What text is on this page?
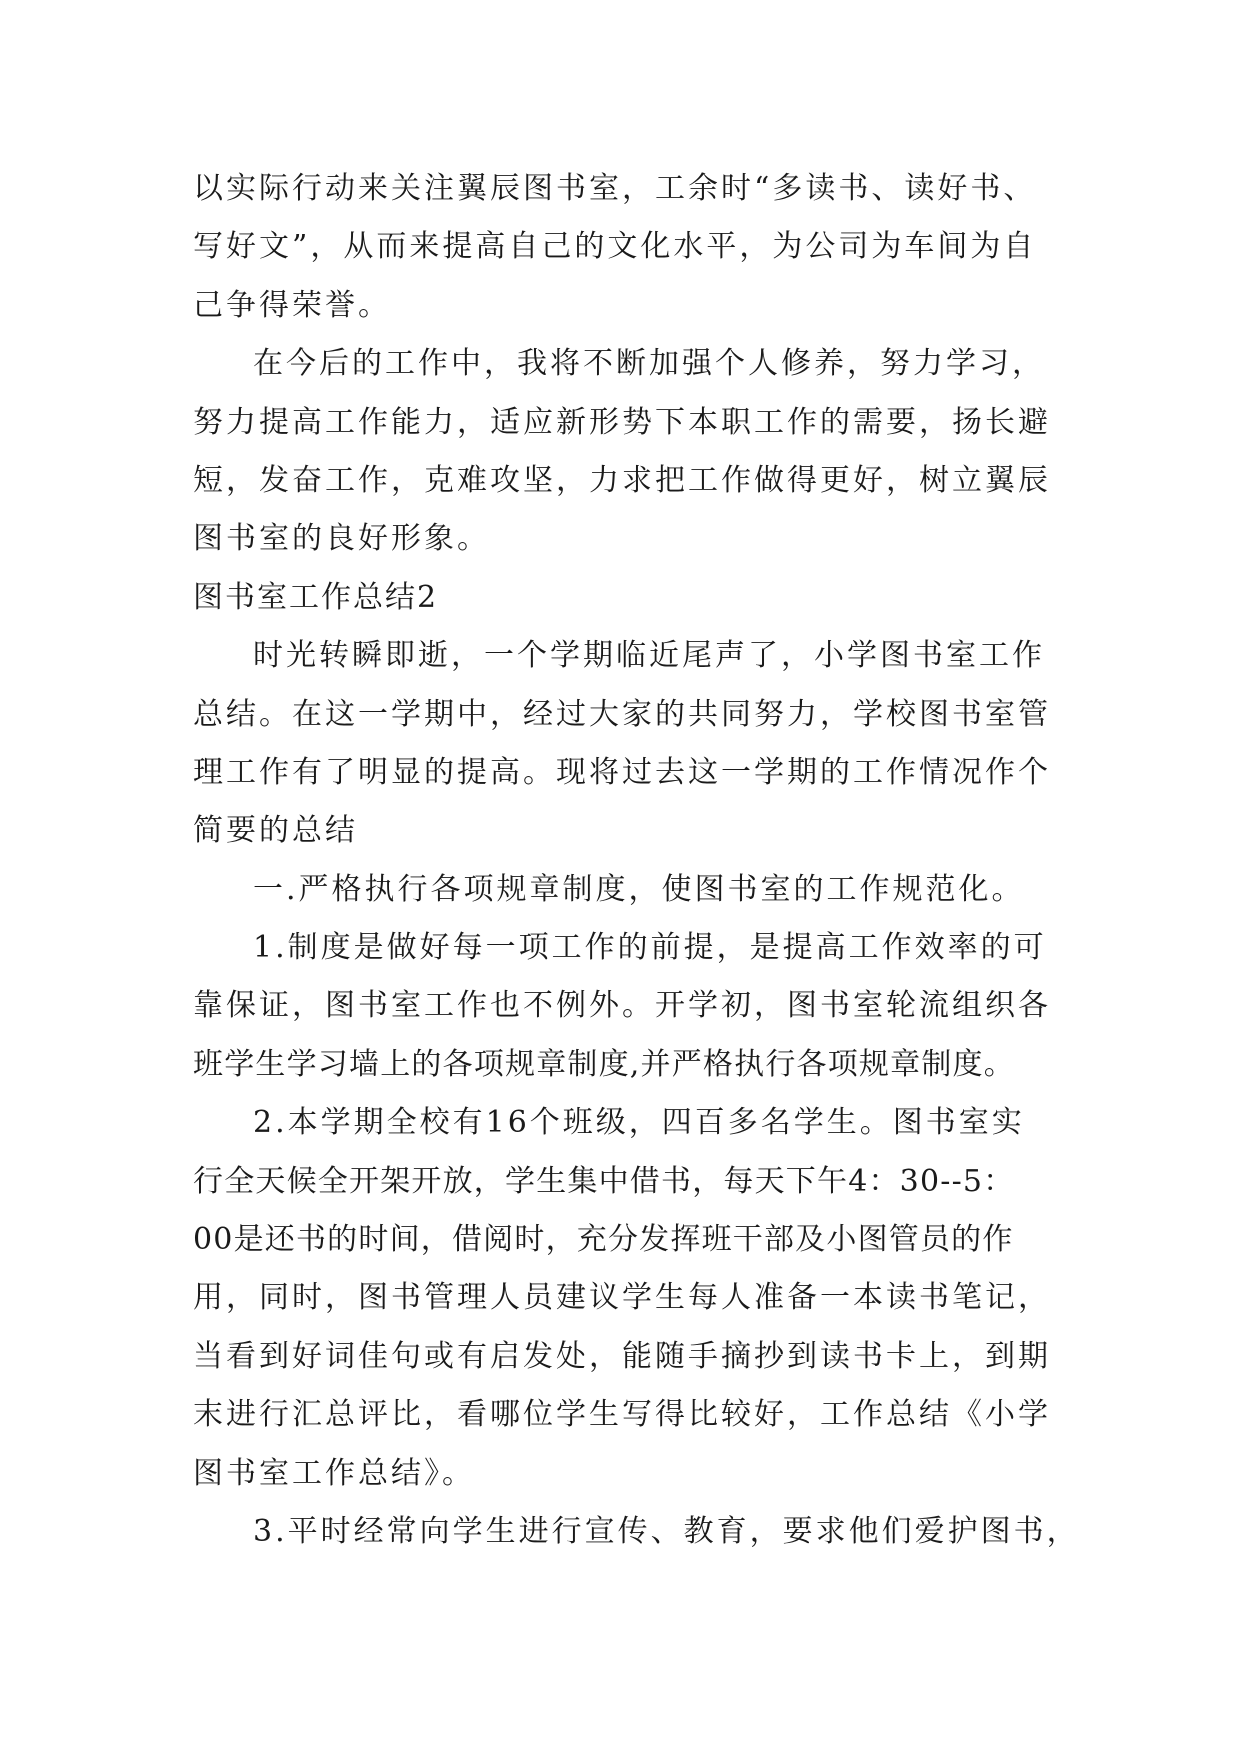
以实际行动来关注翼辰图书室，工余时“多读书、读好书、
写好文”，从而来提高自己的文化水平，为公司为车间为自
己争得荣誉。

在今后的工作中，我将不断加强个人修养，努力学习，
努力提高工作能力，适应新形势下本职工作的需要，扬长避
短，发奋工作，克难攻坚，力求把工作做得更好，树立翼辰
图书室的良好形象。

图书室工作总结2

时光转瞬即逝，一个学期临近尾声了，小学图书室工作
总结。在这一学期中，经过大家的共同努力，学校图书室管
理工作有了明显的提高。现将过去这一学期的工作情况作个
简要的总结

一.严格执行各项规章制度，使图书室的工作规范化。

1.制度是做好每一项工作的前提，是提高工作效率的可
靠保证，图书室工作也不例外。开学初，图书室轮流组织各
班学生学习墙上的各项规章制度,并严格执行各项规章制度。

2.本学期全校有16个班级，四百多名学生。图书室实
行全天候全开架开放，学生集中借书，每天下午4：30--5：
00是还书的时间，借阅时，充分发挥班干部及小图管员的作
用，同时，图书管理人员建议学生每人准备一本读书笔记，
当看到好词佳句或有启发处，能随手摘抄到读书卡上，到期
末进行汇总评比，看哪位学生写得比较好，工作总结《小学
图书室工作总结》。

3.平时经常向学生进行宣传、教育，要求他们爱护图书，
